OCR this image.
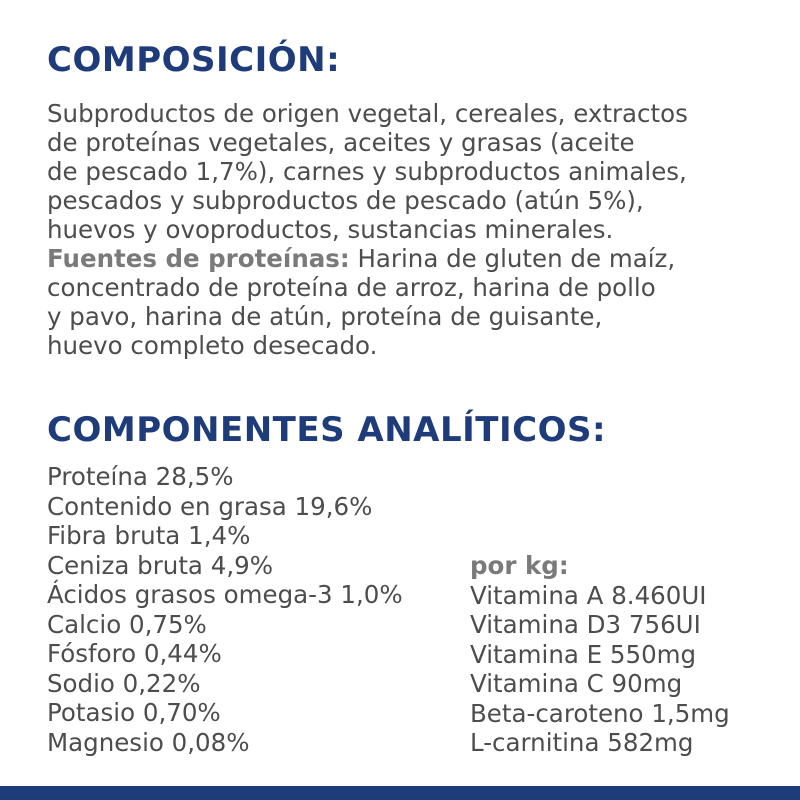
COMPOSICIÓN:
Subproductos de origen vegetal, cereales, extractos
de proteínas vegetales, aceites y grasas (aceite
de pescado 1,7%), carnes y subproductos animales,
pescados y subproductos de pescado (atún 5%),
huevos y ovoproductos, sustancias minerales.
Fuentes de proteínas: Harina de gluten de maíz,
concentrado de proteína de arroz, harina de pollo
y pavo, harina de atún, proteína de guisante,
huevo completo desecado.
COMPONENTES ANALÍTICOS:
Proteína 28,5%
Contenido en grasa 19,6%
Fibra bruta 1,4%
Ceniza bruta 4,9%
Ácidos grasos omega-3 1,0%
Calcio 0,75%
Fósforo 0,44%
Sodio 0,22%
Potasio 0,70%
Magnesio 0,08%
por kg:
Vitamina A 8.460UI
Vitamina D3 756UI
Vitamina E 550mg
Vitamina C 90mg
Beta-caroteno 1,5mg
L-carnitina 582mg
